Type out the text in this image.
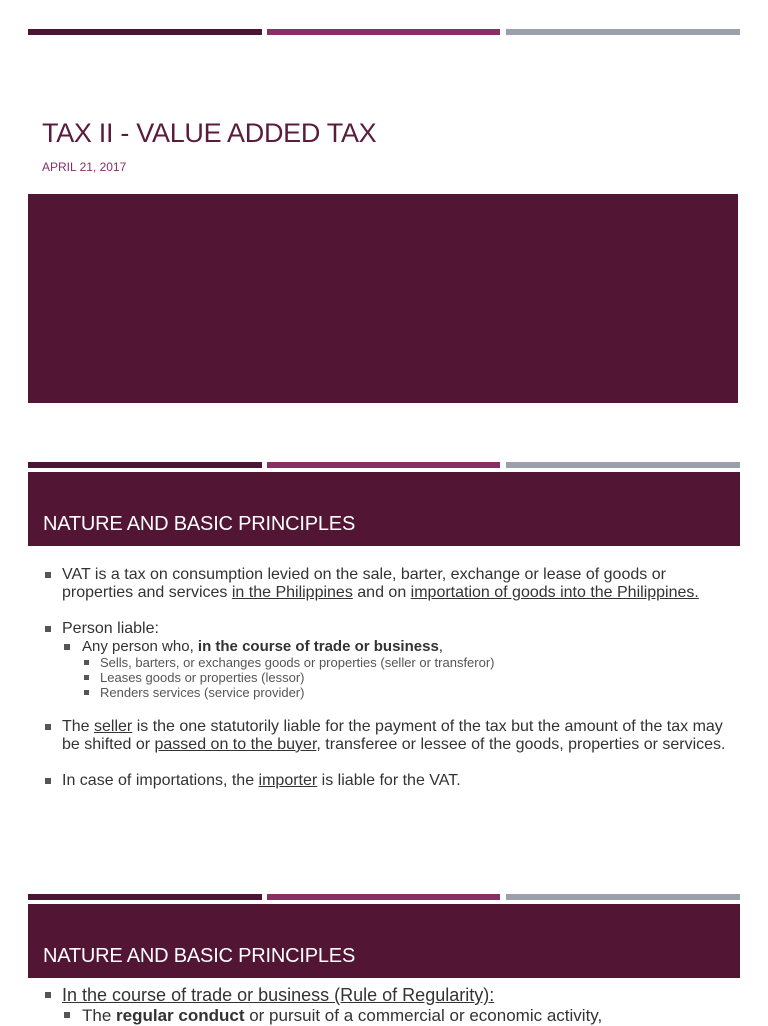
TAX II - VALUE ADDED TAX

APRIL 21, 2017

NATURE AND BASIC PRINCIPLES
VAT is a tax on consumption levied on the sale, barter, exchange or lease of goods or properties and services in the Philippines and on importation of goods into the Philippines.
Person liable:
Any person who, in the course of trade or business,
Sells, barters, or exchanges goods or properties (seller or transferor)
Leases goods or properties (lessor)
Renders services (service provider)
The seller is the one statutorily liable for the payment of the tax but the amount of the tax may be shifted or passed on to the buyer, transferee or lessee of the goods, properties or services.
In case of importations, the importer is liable for the VAT.
NATURE AND BASIC PRINCIPLES
In the course of trade or business (Rule of Regularity):
The regular conduct or pursuit of a commercial or economic activity,
